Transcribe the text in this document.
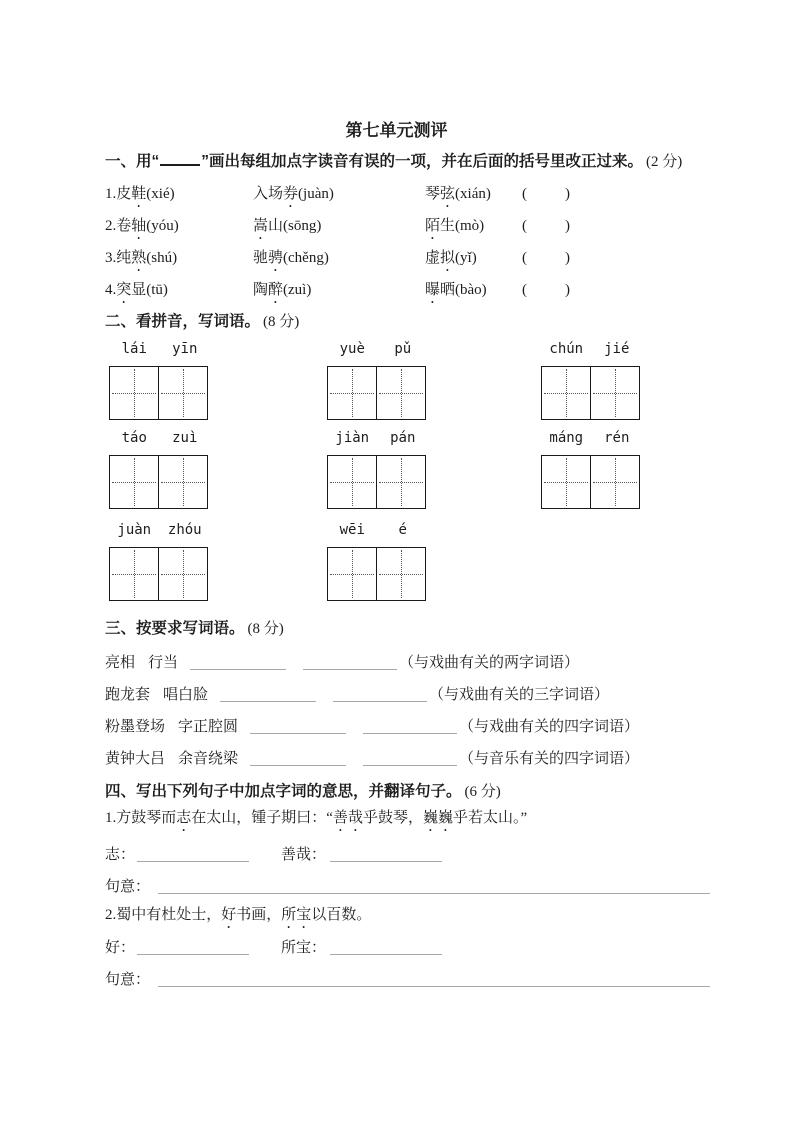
第七单元测评
一、用“	”画出每组加点字读音有误的一项，并在后面的括号里改正过来。 (2 分)
1.皮鞋(xié)	入场券(juàn)	琴弦(xián)	(	)
2.卷轴(yóu)	嵩山(sōng)	陌生(mò)	(	)
3.纯熟(shú)	驰骋(chěng)	虚拟(yǐ)	(	)
4.突显(tū)	陶醉(zuì)	曝晒(bào)	(	)
二、看拼音，写词语。 (8 分)
lái	yīn	yuè	pǔ	chún	jié
táo	zuì	jiàn	pán	máng	rén
juàn	zhóu	wēi	é
三、按要求写词语。 (8 分)
亮相 行当	（与戏曲有关的两字词语）
跑龙套 唱白脸	（与戏曲有关的三字词语）
粉墨登场 字正腔圆	（与戏曲有关的四字词语）
黄钟大吕 余音绕梁	（与音乐有关的四字词语）
四、写出下列句子中加点字词的意思，并翻译句子。 (6 分)
1.方鼓琴而志在太山，锺子期曰：“善哉乎鼓琴，巍巍乎若太山。”
志：	善哉：
句意：
2.蜀中有杜处士，好书画，所宝以百数。
好：	所宝：
句意：
